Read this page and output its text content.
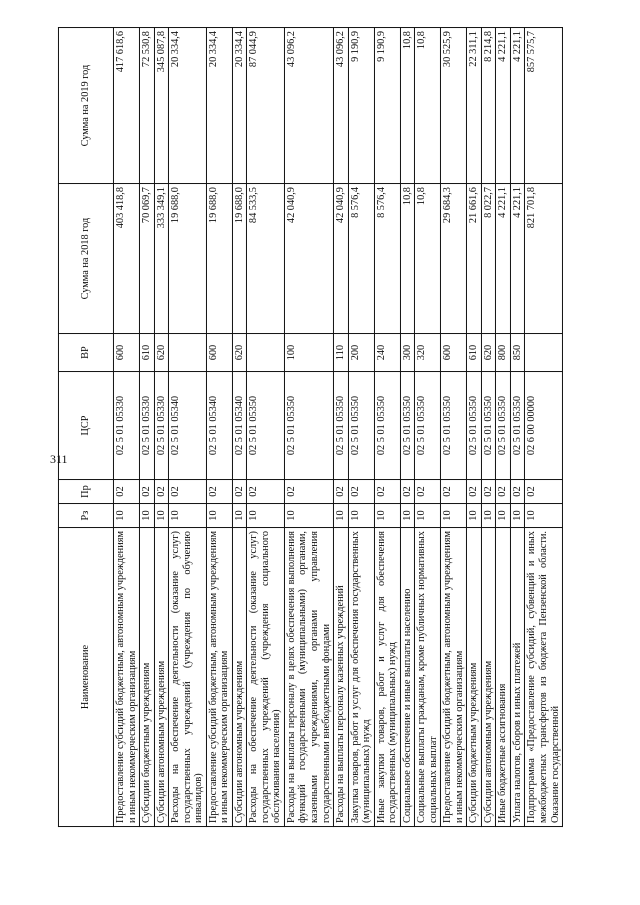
311
Наименование	Рз	Пр	ЦСР	ВР	Сумма на 2018 год	Сумма на 2019 год
Предоставление субсидий бюджетным, автономным учреждениям и иным некоммерческим организациям	10	02	02 5 01 05330	600	403 418,8	417 618,6
Субсидии бюджетным учреждениям	10	02	02 5 01 05330	610	70 069,7	72 530,8
Субсидии автономным учреждениям	10	02	02 5 01 05330	620	333 349,1	345 087,8
Расходы на обеспечение деятельности (оказание услуг) государственных учреждений (учреждения по обучению инвалидов)	10	02	02 5 01 05340		19 688,0	20 334,4
Предоставление субсидий бюджетным, автономным учреждениям и иным некоммерческим организациям	10	02	02 5 01 05340	600	19 688,0	20 334,4
Субсидии автономным учреждениям	10	02	02 5 01 05340	620	19 688,0	20 334,4
Расходы на обеспечение деятельности (оказание услуг) государственных учреждений (учреждения социального обслуживания населения)	10	02	02 5 01 05350		84 533,5	87 044,9
Расходы на выплаты персоналу в целях обеспечения выполнения функций государственными (муниципальными) органами, казенными учреждениями, органами управления государственными внебюджетными фондами	10	02	02 5 01 05350	100	42 040,9	43 096,2
Расходы на выплаты персоналу казенных учреждений	10	02	02 5 01 05350	110	42 040,9	43 096,2
Закупка товаров, работ и услуг для обеспечения государственных (муниципальных) нужд	10	02	02 5 01 05350	200	8 576,4	9 190,9
Иные закупки товаров, работ и услуг для обеспечения государственных (муниципальных) нужд	10	02	02 5 01 05350	240	8 576,4	9 190,9
Социальное обеспечение и иные выплаты населению	10	02	02 5 01 05350	300	10,8	10,8
Социальные выплаты гражданам, кроме публичных нормативных социальных выплат	10	02	02 5 01 05350	320	10,8	10,8
Предоставление субсидий бюджетным, автономным учреждениям и иным некоммерческим организациям	10	02	02 5 01 05350	600	29 684,3	30 525,9
Субсидии бюджетным учреждениям	10	02	02 5 01 05350	610	21 661,6	22 311,1
Субсидии автономным учреждениям	10	02	02 5 01 05350	620	8 022,7	8 214,8
Иные бюджетные ассигнования	10	02	02 5 01 05350	800	4 221,1	4 221,1
Уплата налогов, сборов и иных платежей	10	02	02 5 01 05350	850	4 221,1	4 221,1
Подпрограмма «Предоставление субсидий, субвенций и иных межбюджетных трансфертов из бюджета Пензенской области. Оказание государственной	10	02	02 6 00 00000		821 701,8	857 575,7
